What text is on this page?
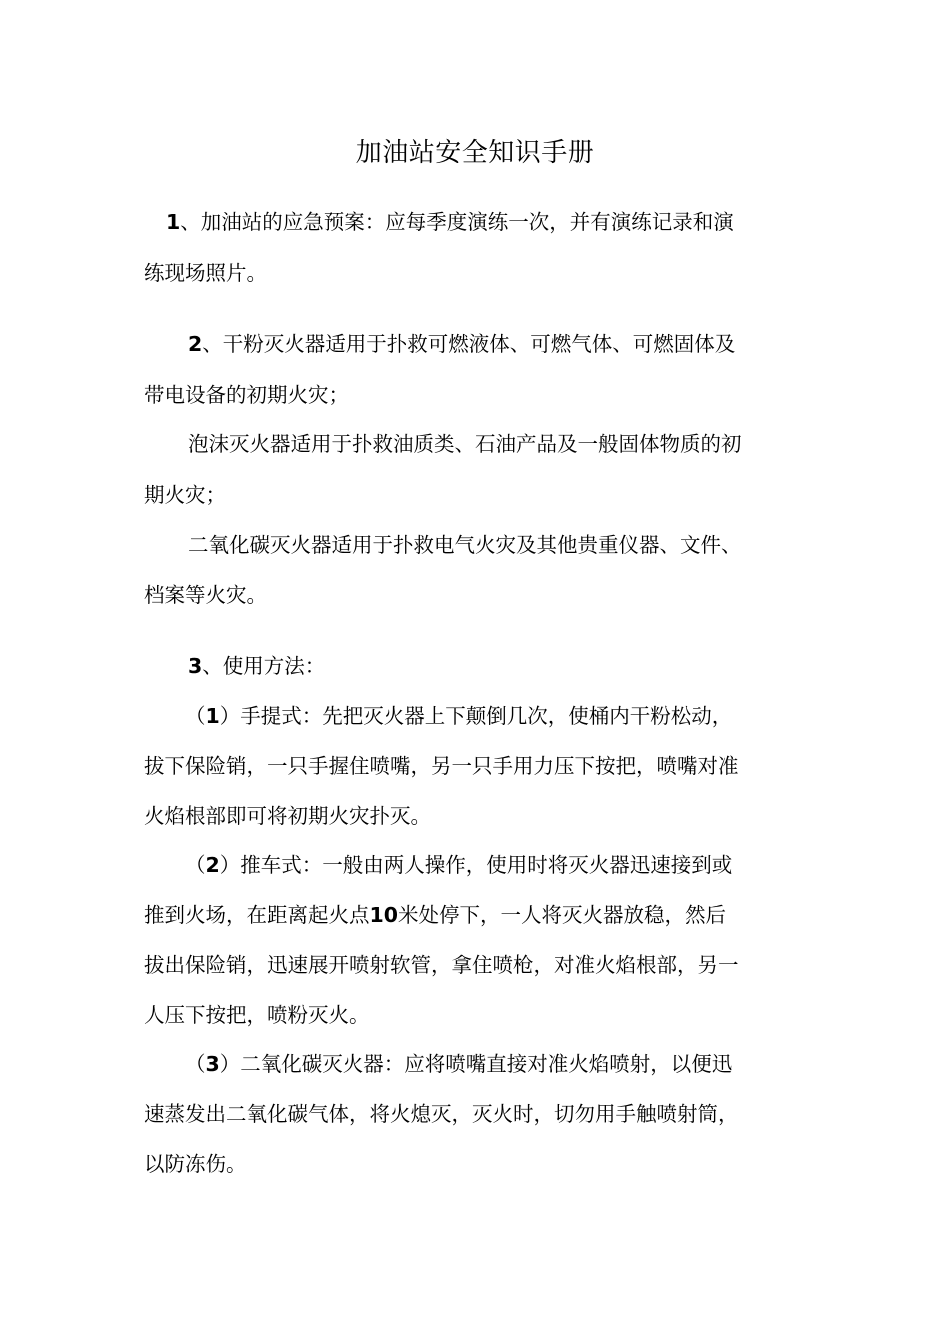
加油站安全知识手册
1、加油站的应急预案：应每季度演练一次，并有演练记录和演
练现场照片。
2、干粉灭火器适用于扑救可燃液体、可燃气体、可燃固体及
带电设备的初期火灾；
泡沫灭火器适用于扑救油质类、石油产品及一般固体物质的初
期火灾；
二氧化碳灭火器适用于扑救电气火灾及其他贵重仪器、文件、
档案等火灾。
3、使用方法：
（1）手提式：先把灭火器上下颠倒几次，使桶内干粉松动，
拔下保险销，一只手握住喷嘴，另一只手用力压下按把，喷嘴对准
火焰根部即可将初期火灾扑灭。
（2）推车式：一般由两人操作，使用时将灭火器迅速接到或
推到火场，在距离起火点10米处停下，一人将灭火器放稳，然后
拔出保险销，迅速展开喷射软管，拿住喷枪，对准火焰根部，另一
人压下按把，喷粉灭火。
（3）二氧化碳灭火器：应将喷嘴直接对准火焰喷射，以便迅
速蒸发出二氧化碳气体，将火熄灭，灭火时，切勿用手触喷射筒，
以防冻伤。
